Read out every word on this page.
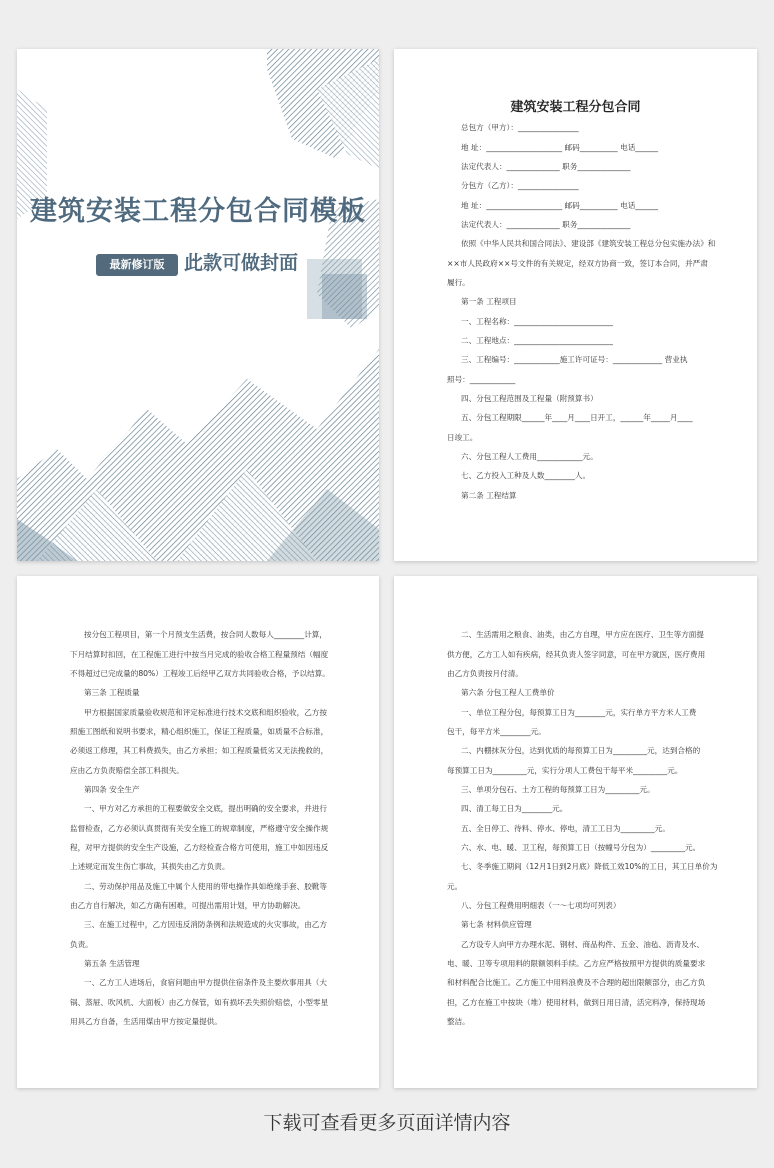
建筑安装工程分包合同模板
最新修订版	此款可做封面
建筑安装工程分包合同
总包方（甲方）：________________
地 址：____________________ 邮码__________ 电话______
法定代表人：______________ 职务______________
分包方（乙方）：________________
地 址：____________________ 邮码__________ 电话______
法定代表人：______________ 职务______________
依照《中华人民共和国合同法》、建设部《建筑安装工程总分包实施办法》和
××市人民政府××号文件的有关规定，经双方协商一致，签订本合同，并严肃
履行。
第一条 工程项目
一、工程名称：__________________________
二、工程地点：__________________________
三、工程编号：____________施工许可证号：_____________ 营业执
照号：____________
四、分包工程范围及工程量（附预算书）
五、分包工程期限______年____月____日开工，______年_____月____
日竣工。
六、分包工程人工费用____________元。
七、乙方投入工种及人数________人。
第二条 工程结算
按分包工程项目，第一个月预支生活费，按合同人数每人________计算，
下月结算时扣回，在工程施工进行中按当月完成的验收合格工程量预结（幅度
不得超过已完成量的80%）工程竣工后经甲乙双方共同验收合格，予以结算。
第三条 工程质量
甲方根据国家质量验收规范和评定标准进行技术交底和组织验收，乙方按
照施工图纸和说明书要求，精心组织施工，保证工程质量，如质量不合标准，
必须返工修理，其工料费损失，由乙方承担；如工程质量低劣又无法挽救的，
应由乙方负责赔偿全部工料损失。
第四条 安全生产
一、甲方对乙方承担的工程要做安全交底，提出明确的安全要求，并进行
监督检查，乙方必须认真贯彻有关安全施工的规章制度，严格遵守安全操作规
程，对甲方提供的安全生产设施，乙方经检查合格方可使用，施工中如因违反
上述规定而发生伤亡事故，其损失由乙方负责。
二、劳动保护用品及施工中属个人使用的带电操作具如绝缘手套、胶靴等
由乙方自行解决，如乙方确有困难，可提出需用计划，甲方协助解决。
三、在施工过程中，乙方因违反消防条例和法规造成的火灾事故，由乙方
负责。
第五条 生活管理
一、乙方工人进场后，食宿问题由甲方提供住宿条件及主要炊事用具（大
锅、蒸屉、吹风机、大面板）由乙方保管，如有损坏丢失照价赔偿，小型零星
用具乙方自备，生活用煤由甲方按定量提供。
二、生活需用之粮食、油类，由乙方自理，甲方应在医疗、卫生等方面提
供方便，乙方工人如有疾病，经其负责人签字同意，可在甲方就医，医疗费用
由乙方负责按月付清。
第六条 分包工程人工费单价
一、单位工程分包，每预算工日为________元，实行单方平方米人工费
包干，每平方米________元。
二、内棚抹灰分包，达到优质的每预算工日为_________元，达到合格的
每预算工日为_________元，实行分项人工费包干每平米_________元。
三、单项分包石、土方工程的每预算工日为_________元。
四、清工每工日为________元。
五、全日停工、待料、停水、停电，清工工日为_________元。
六、水、电、暖、卫工程，每预算工日（按幢号分包为）_________元。
七、冬季施工期间（12月1日到2月底）降低工效10%的工日，其工日单价为
元。
八、分包工程费用明细表（一～七项均可列表）
第七条 材料供应管理
乙方设专人向甲方办理水泥、钢材、商品构件、五金、油毡、沥青及水、
电、暖、卫等专项用料的限额领料手续。乙方应严格按照甲方提供的质量要求
和材料配合比施工。乙方施工中用料浪费及不合理的超出限额部分，由乙方负
担，乙方在施工中按块（堆）使用材料，做到日用日清，活完料净，保持现场
整洁。
下载可查看更多页面详情内容
